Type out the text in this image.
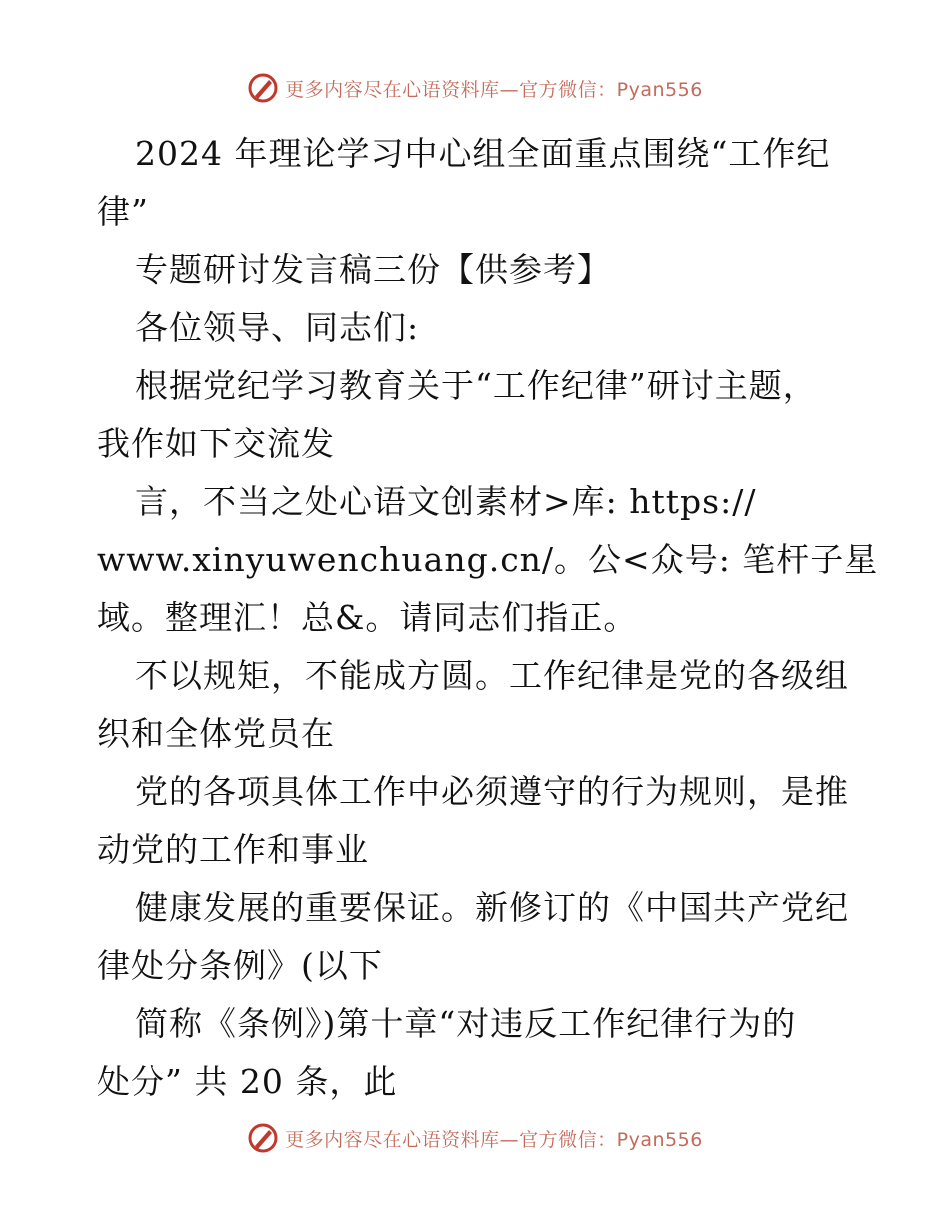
更多内容尽在心语资料库—官方微信：Pyan556
2024 年理论学习中心组全面重点围绕“工作纪
律”
专题研讨发言稿三份【供参考】
各位领导、同志们:
根据党纪学习教育关于“工作纪律”研讨主题，
我作如下交流发
言，不当之处心语文创素材>库: https://
www.xinyuwenchuang.cn/。公<众号: 笔杆子星
域。整理汇！总&。请同志们指正。
不以规矩，不能成方圆。工作纪律是党的各级组
织和全体党员在
党的各项具体工作中必须遵守的行为规则，是推
动党的工作和事业
健康发展的重要保证。新修订的《中国共产党纪
律处分条例》(以下
简称《条例》)第十章“对违反工作纪律行为的
处分” 共 20 条，此
更多内容尽在心语资料库—官方微信：Pyan556
